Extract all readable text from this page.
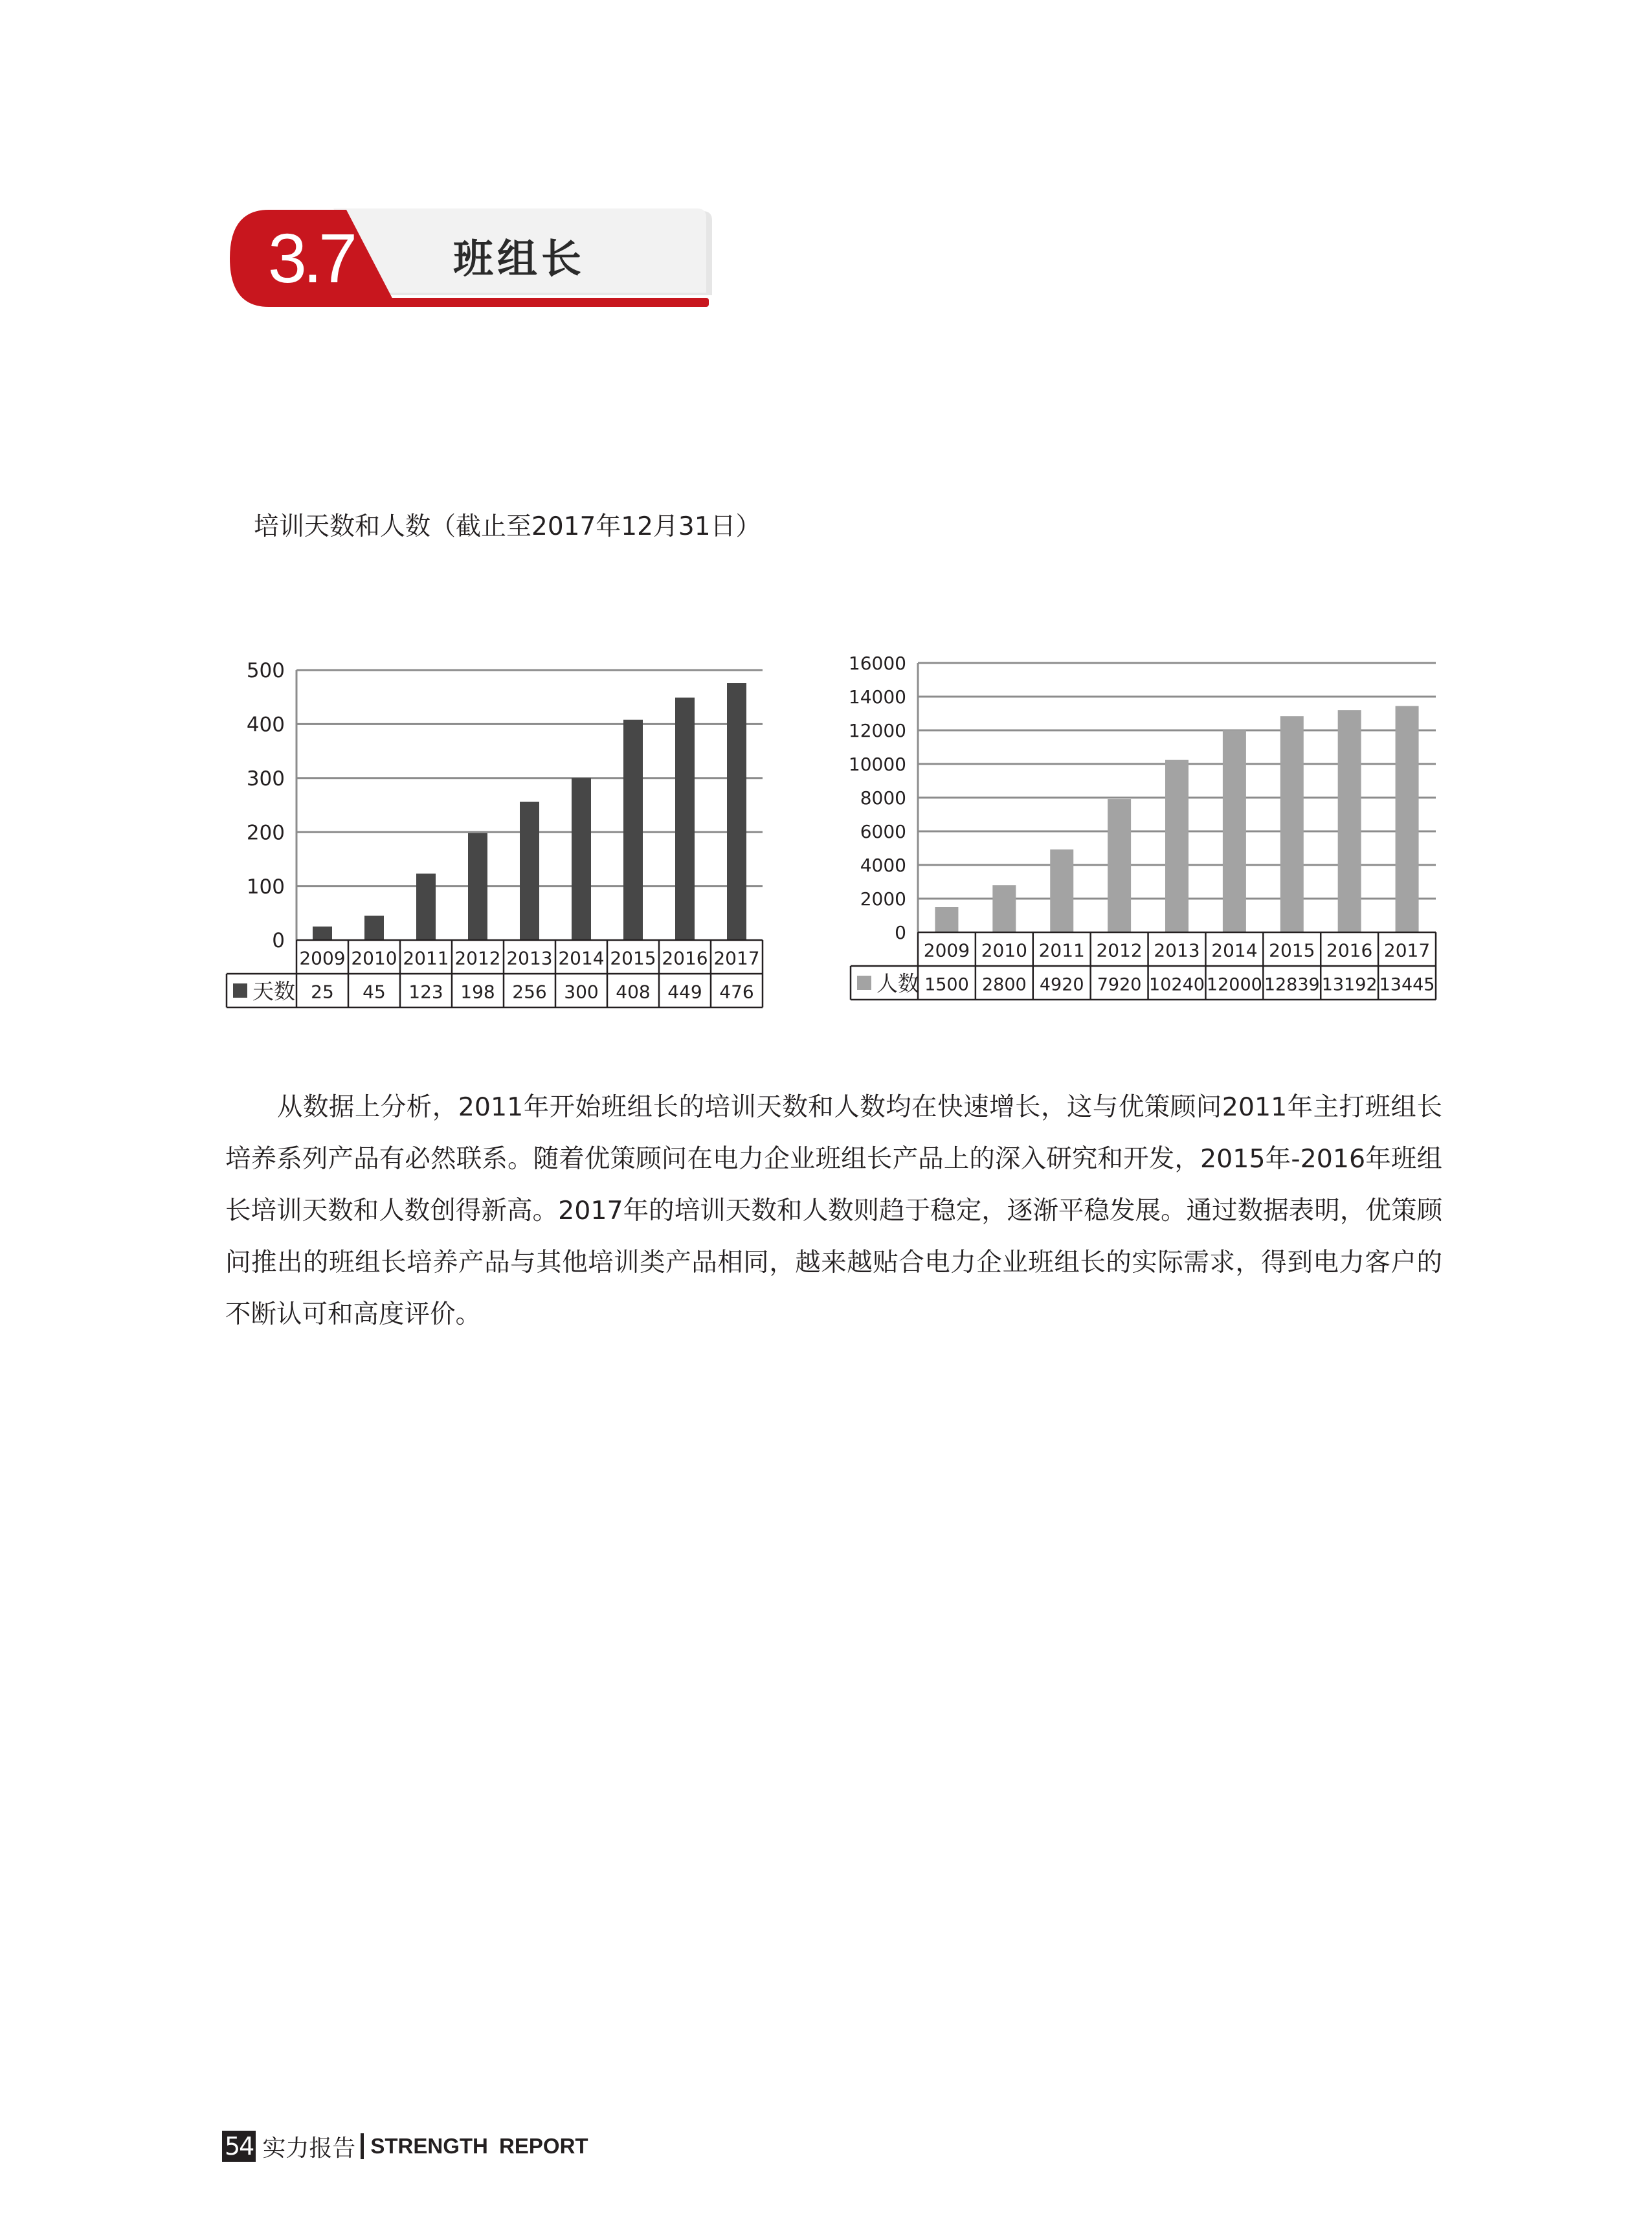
3.7	班组长
培训天数和人数（截止至2017年12月31日）
0
100
200
300
400
500
2009
25
2010
45
2011
123
2012
198
2013
256
2014
300
2015
408
2016
449
2017
476
天数
0
2000
4000
6000
8000
10000
12000
14000
16000
2009
1500
2010
2800
2011
4920
2012
7920
2013
10240
2014
12000
2015
12839
2016
13192
2017
13445
人数
从数据上分析，2011年开始班组长的培训天数和人数均在快速增长，这与优策顾问2011年主打班组长培养系列产品有必然联系。随着优策顾问在电力企业班组长产品上的深入研究和开发，2015年-2016年班组长培训天数和人数创得新高。2017年的培训天数和人数则趋于稳定，逐渐平稳发展。通过数据表明，优策顾问推出的班组长培养产品与其他培训类产品相同，越来越贴合电力企业班组长的实际需求，得到电力客户的不断认可和高度评价。
54 实力报告 STRENGTH REPORT
